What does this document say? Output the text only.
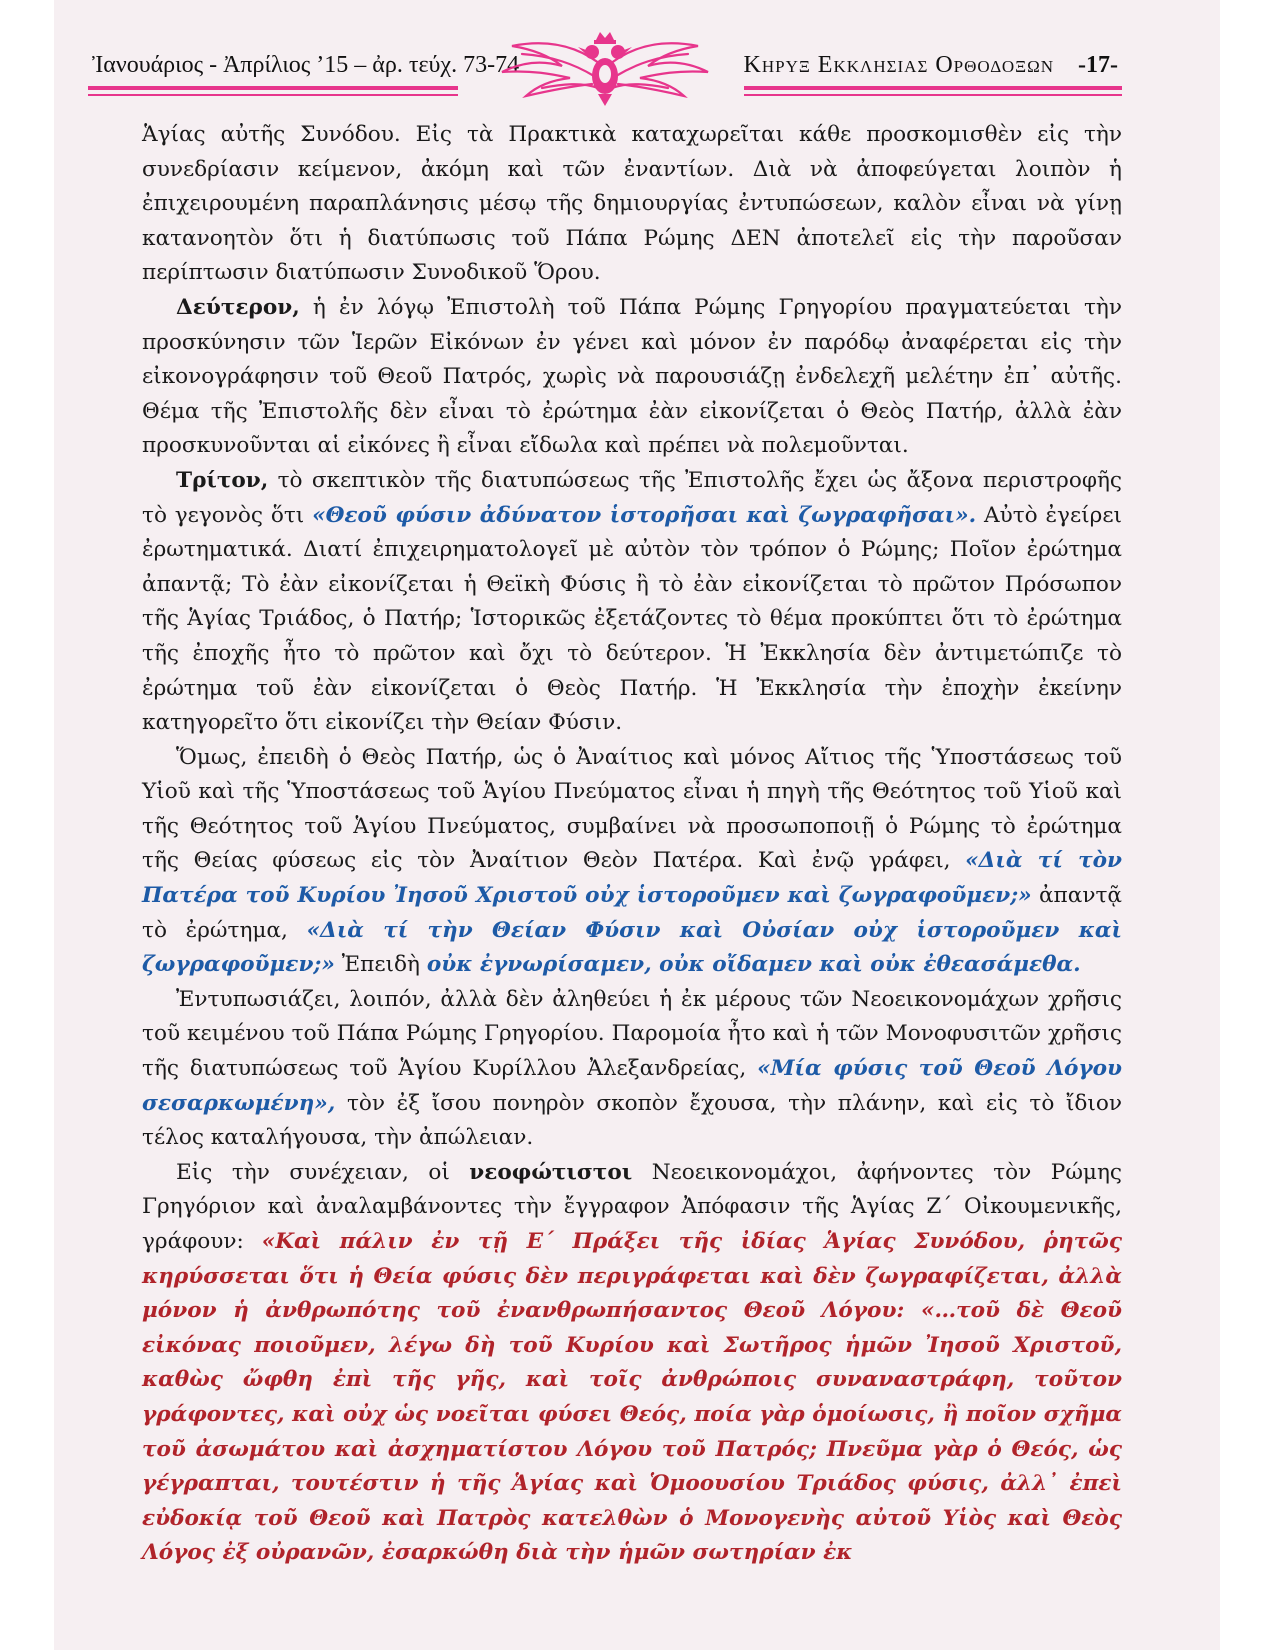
Ἰανουάριος - Ἀπρίλιος ’15 – ἀρ. τεύχ. 73-74	Κηρυξ Εκκλησιας Ορθοδοξων -17-

Ἁγίας αὐτῆς Συνόδου. Εἰς τὰ Πρακτικὰ καταχωρεῖται κάθε προσκομισθὲν εἰς τὴν συνεδρίασιν κείμενον, ἀκόμη καὶ τῶν ἐναντίων. Διὰ νὰ ἀποφεύγεται λοιπὸν ἡ ἐπιχειρουμένη παραπλάνησις μέσῳ τῆς δημιουργίας ἐντυπώσεων, καλὸν εἶναι νὰ γίνῃ κατανοητὸν ὅτι ἡ διατύπωσις τοῦ Πάπα Ρώμης ΔΕΝ ἀποτελεῖ εἰς τὴν παροῦσαν περίπτωσιν διατύπωσιν Συνοδικοῦ Ὅρου.

Δεύτερον, ἡ ἐν λόγῳ Ἐπιστολὴ τοῦ Πάπα Ρώμης Γρηγορίου πραγματεύεται τὴν προσκύνησιν τῶν Ἱερῶν Εἰκόνων ἐν γένει καὶ μόνον ἐν παρόδῳ ἀναφέρεται εἰς τὴν εἰκονογράφησιν τοῦ Θεοῦ Πατρός, χωρὶς νὰ παρουσιάζῃ ἐνδελεχῆ μελέτην ἐπ᾽ αὐτῆς. Θέμα τῆς Ἐπιστολῆς δὲν εἶναι τὸ ἐρώτημα ἐὰν εἰκονίζεται ὁ Θεὸς Πατήρ, ἀλλὰ ἐὰν προσκυνοῦνται αἱ εἰκόνες ἢ εἶναι εἴδωλα καὶ πρέπει νὰ πολεμοῦνται.

Τρίτον, τὸ σκεπτικὸν τῆς διατυπώσεως τῆς Ἐπιστολῆς ἔχει ὡς ἄξονα περιστροφῆς τὸ γεγονὸς ὅτι «Θεοῦ φύσιν ἀδύνατον ἱστορῆσαι καὶ ζωγραφῆσαι». Αὐτὸ ἐγείρει ἐρωτηματικά. Διατί ἐπιχειρηματολογεῖ μὲ αὐτὸν τὸν τρόπον ὁ Ρώμης; Ποῖον ἐρώτημα ἀπαντᾷ; Τὸ ἐὰν εἰκονίζεται ἡ Θεϊκὴ Φύσις ἢ τὸ ἐὰν εἰκονίζεται τὸ πρῶτον Πρόσωπον τῆς Ἁγίας Τριάδος, ὁ Πατήρ; Ἱστορικῶς ἐξετάζοντες τὸ θέμα προκύπτει ὅτι τὸ ἐρώτημα τῆς ἐποχῆς ἦτο τὸ πρῶτον καὶ ὄχι τὸ δεύτερον. Ἡ Ἐκκλησία δὲν ἀντιμετώπιζε τὸ ἐρώτημα τοῦ ἐὰν εἰκονίζεται ὁ Θεὸς Πατήρ. Ἡ Ἐκκλησία τὴν ἐποχὴν ἐκείνην κατηγορεῖτο ὅτι εἰκονίζει τὴν Θείαν Φύσιν.

Ὅμως, ἐπειδὴ ὁ Θεὸς Πατήρ, ὡς ὁ Ἀναίτιος καὶ μόνος Αἴτιος τῆς Ὑποστάσεως τοῦ Υἱοῦ καὶ τῆς Ὑποστάσεως τοῦ Ἁγίου Πνεύματος εἶναι ἡ πηγὴ τῆς Θεότητος τοῦ Υἱοῦ καὶ τῆς Θεότητος τοῦ Ἁγίου Πνεύματος, συμβαίνει νὰ προσωποποιῇ ὁ Ρώμης τὸ ἐρώτημα τῆς Θείας φύσεως εἰς τὸν Ἀναίτιον Θεὸν Πατέρα. Καὶ ἐνῷ γράφει, «Διὰ τί τὸν Πατέρα τοῦ Κυρίου Ἰησοῦ Χριστοῦ οὐχ ἱστοροῦμεν καὶ ζωγραφοῦμεν;» ἀπαντᾷ τὸ ἐρώτημα, «Διὰ τί τὴν Θείαν Φύσιν καὶ Οὐσίαν οὐχ ἱστοροῦμεν καὶ ζωγραφοῦμεν;» Ἐπειδὴ οὐκ ἐγνωρίσαμεν, οὐκ οἴδαμεν καὶ οὐκ ἐθεασάμεθα.

Ἐντυπωσιάζει, λοιπόν, ἀλλὰ δὲν ἀληθεύει ἡ ἐκ μέρους τῶν Νεοεικονομάχων χρῆσις τοῦ κειμένου τοῦ Πάπα Ρώμης Γρηγορίου. Παρομοία ἦτο καὶ ἡ τῶν Μονοφυσιτῶν χρῆσις τῆς διατυπώσεως τοῦ Ἁγίου Κυρίλλου Ἀλεξανδρείας, «Μία φύσις τοῦ Θεοῦ Λόγου σεσαρκωμένη», τὸν ἐξ ἴσου πονηρὸν σκοπὸν ἔχουσα, τὴν πλάνην, καὶ εἰς τὸ ἴδιον τέλος καταλήγουσα, τὴν ἀπώλειαν.

Εἰς τὴν συνέχειαν, οἱ νεοφώτιστοι Νεοεικονομάχοι, ἀφήνοντες τὸν Ρώμης Γρηγόριον καὶ ἀναλαμβάνοντες τὴν ἔγγραφον Ἀπόφασιν τῆς Ἁγίας Ζ΄ Οἰκουμενικῆς, γράφουν: «Καὶ πάλιν ἐν τῇ Ε΄ Πράξει τῆς ἰδίας Ἁγίας Συνόδου, ῥητῶς κηρύσσεται ὅτι ἡ Θεία φύσις δὲν περιγράφεται καὶ δὲν ζωγραφίζεται, ἀλλὰ μόνον ἡ ἀνθρωπότης τοῦ ἐνανθρωπήσαντος Θεοῦ Λόγου: «…τοῦ δὲ Θεοῦ εἰκόνας ποιοῦμεν, λέγω δὴ τοῦ Κυρίου καὶ Σωτῆρος ἡμῶν Ἰησοῦ Χριστοῦ, καθὼς ὤφθη ἐπὶ τῆς γῆς, καὶ τοῖς ἀνθρώποις συναναστράφη, τοῦτον γράφοντες, καὶ οὐχ ὡς νοεῖται φύσει Θεός, ποία γὰρ ὁμοίωσις, ἢ ποῖον σχῆμα τοῦ ἀσωμάτου καὶ ἀσχηματίστου Λόγου τοῦ Πατρός; Πνεῦμα γὰρ ὁ Θεός, ὡς γέγραπται, τουτέστιν ἡ τῆς Ἁγίας καὶ Ὁμοουσίου Τριάδος φύσις, ἀλλ᾽ ἐπεὶ εὐδοκίᾳ τοῦ Θεοῦ καὶ Πατρὸς κατελθὼν ὁ Μονογενὴς αὐτοῦ Υἱὸς καὶ Θεὸς Λόγος ἐξ οὐρανῶν, ἐσαρκώθη διὰ τὴν ἡμῶν σωτηρίαν ἐκ
